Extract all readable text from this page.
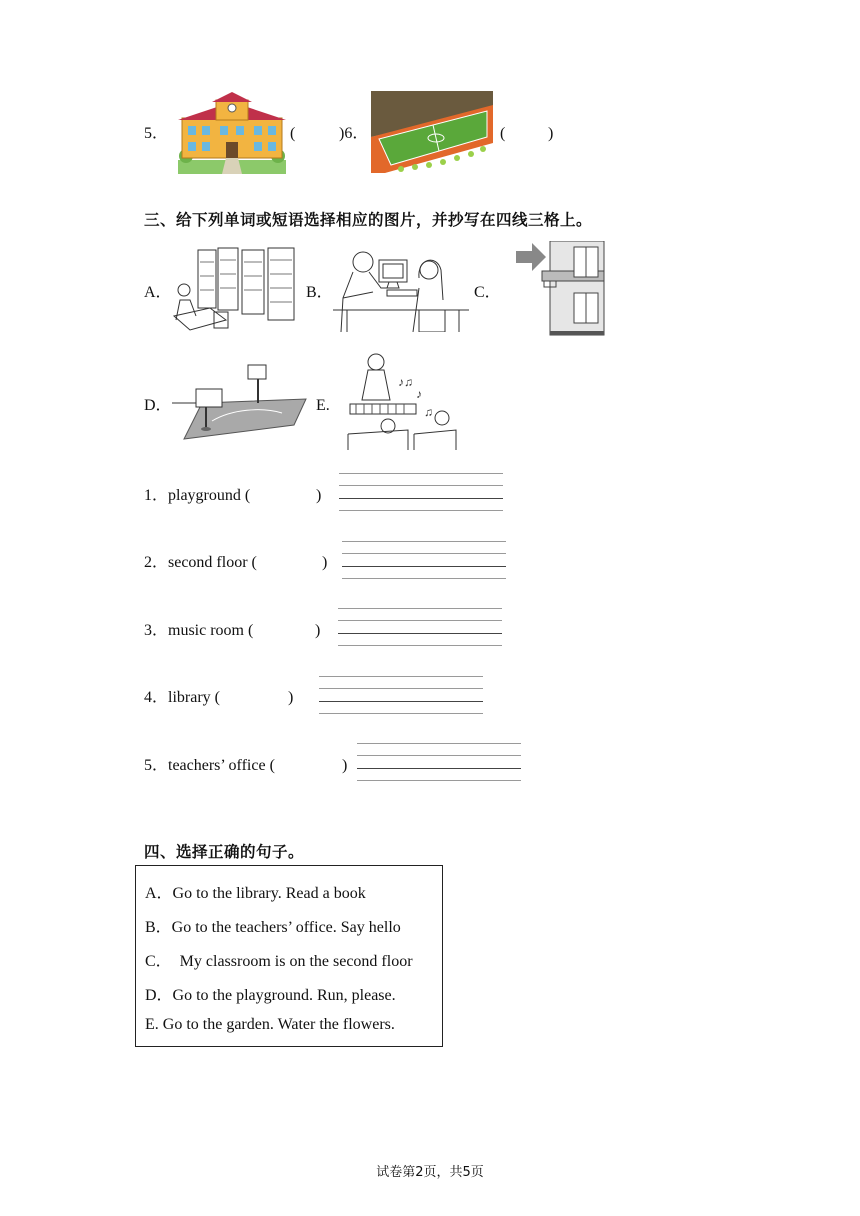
5．	(	)6．	(	)
三、给下列单词或短语选择相应的图片，并抄写在四线三格上。
A．	B．	C．
D．	E.
♪♫
♪
♫
1．playground (	)
2．second floor (	)
3．music room (	)
4．library (	)
5．teachers’ office (	)
四、选择正确的句子。
A．Go to the library. Read a book
B．Go to the teachers’ office. Say hello
C．  My classroom is on the second floor
D．Go to the playground. Run, please.
E. Go to the garden. Water the flowers.
试卷第2页，共5页
